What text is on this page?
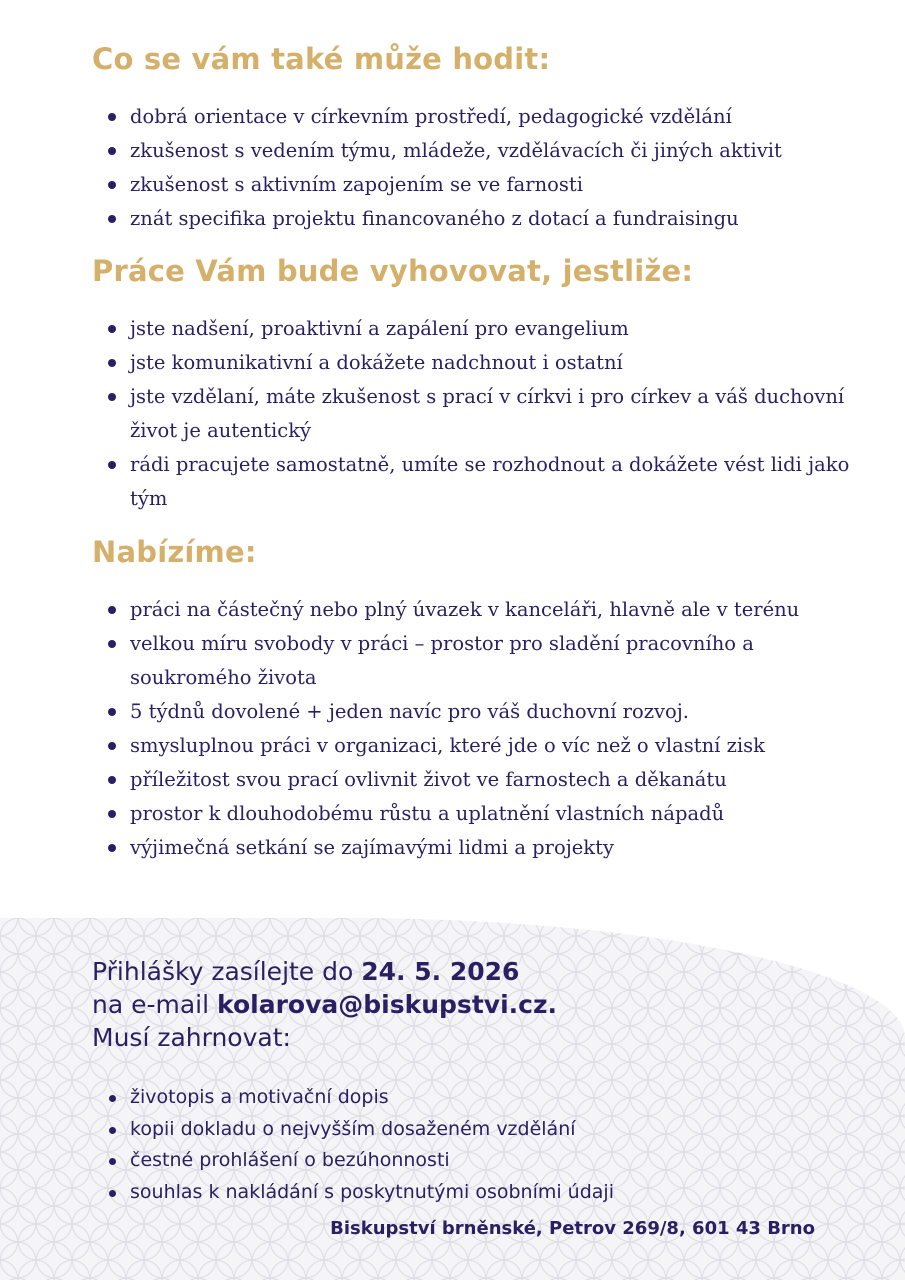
Co se vám také může hodit:
dobrá orientace v církevním prostředí, pedagogické vzdělání
zkušenost s vedením týmu, mládeže, vzdělávacích či jiných aktivit
zkušenost s aktivním zapojením se ve farnosti
znát specifika projektu financovaného z dotací a fundraisingu
Práce Vám bude vyhovovat, jestliže:
jste nadšení, proaktivní a zapálení pro evangelium
jste komunikativní a dokážete nadchnout i ostatní
jste vzdělaní, máte zkušenost s prací v církvi i pro církev a váš duchovní život je autentický
rádi pracujete samostatně, umíte se rozhodnout a dokážete vést lidi jako tým
Nabízíme:
práci na částečný nebo plný úvazek v kanceláři, hlavně ale v terénu
velkou míru svobody v práci – prostor pro sladění pracovního a soukromého života
5 týdnů dovolené + jeden navíc pro váš duchovní rozvoj.
smysluplnou práci v organizaci, které jde o víc než o vlastní zisk
příležitost svou prací ovlivnit život ve farnostech a děkanátu
prostor k dlouhodobému růstu a uplatnění vlastních nápadů
výjimečná setkání se zajímavými lidmi a projekty
Přihlášky zasílejte do 24. 5. 2026
na e-mail kolarova@biskupstvi.cz.
Musí zahrnovat:
životopis a motivační dopis
kopii dokladu o nejvyšším dosaženém vzdělání
čestné prohlášení o bezúhonnosti
souhlas k nakládání s poskytnutými osobními údaji
Biskupství brněnské, Petrov 269/8, 601 43 Brno
